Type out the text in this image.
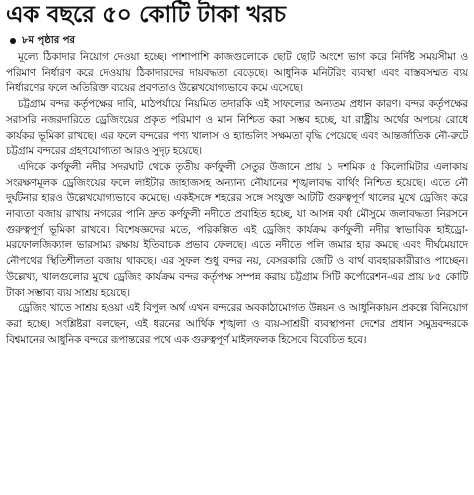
এক বছরে ৫০ কোটি টাকা খরচ
৮ম পৃষ্ঠার পর

মূল্যে ঠিকাদার নিয়োগ দেওয়া হচ্ছে। পাশাপাশি কাজগুলোকে ছোট ছোট অংশে ভাগ করে নির্দিষ্ট সময়সীমা ও পরিমাণ নির্ধারণ করে দেওয়ায় ঠিকাদারদের দায়বদ্ধতা বেড়েছে। আধুনিক মনিটরিং ব্যবস্থা এবং বাস্তবসম্মত ব্যয় নির্ধারণের ফলে অতিরিক্ত ব্যয়ের প্রবণতাও উল্লেখযোগ্যভাবে কমে এসেছে।

চট্টগ্রাম বন্দর কর্তৃপক্ষের দাবি, মাঠপর্যায়ে নিয়মিত তদারকি এই সাফল্যের অন্যতম প্রধান কারণ। বন্দর কর্তৃপক্ষের সরাসরি নজরদারিতে ড্রেজিংয়ের প্রকৃত পরিমাণ ও মান নিশ্চিত করা সম্ভব হচ্ছে, যা রাষ্ট্রীয় অর্থের অপচয় রোধে কার্যকর ভূমিকা রাখছে। এর ফলে বন্দরের পণ্য খালাস ও হ্যান্ডলিং সক্ষমতা বৃদ্ধি পেয়েছে এবং আন্তর্জাতিক নৌ-রুটে চট্টগ্রাম বন্দরের গ্রহণযোগ্যতা আরও সুদৃঢ় হয়েছে।

এদিকে কর্ণফুলী নদীর সদরঘাট থেকে তৃতীয় কর্ণফুলী সেতুর উজানে প্রায় ১ দশমিক ৫ কিলোমিটার এলাকায় সংরক্ষণমূলক ড্রেজিংয়ের ফলে লাইটার জাহাজসহ অন্যান্য নৌযানের শৃঙ্খলাবদ্ধ বার্থিং নিশ্চিত হয়েছে। এতে নৌ দুর্ঘটনার হারও উল্লেখযোগ্যভাবে কমেছে। একইসঙ্গে শহরের সঙ্গে সংযুক্ত আটটি গুরুত্বপূর্ণ খালের মুখে ড্রেজিং করে নাব্যতা বজায় রাখায় নগরের পানি দ্রুত কর্ণফুলী নদীতে প্রবাহিত হচ্ছে, যা আসন্ন বর্ষা মৌসুমে জলাবদ্ধতা নিরসনে গুরুত্বপূর্ণ ভূমিকা রাখবে। বিশেষজ্ঞদের মতে, পরিকল্পিত এই ড্রেজিং কার্যক্রম কর্ণফুলী নদীর স্বাভাবিক হাইড্রো-মরফোলজিক্যাল ভারসাম্য রক্ষায় ইতিবাচক প্রভাব ফেলছে। এতে নদীতে পলি জমার হার কমছে এবং দীর্ঘমেয়াদে নৌপথের স্থিতিশীলতা বজায় থাকছে। এর সুফল শুধু বন্দর নয়, বেসরকারি জেটি ও বার্থ ব্যবহারকারীরাও পাচ্ছেন। উল্লেখ্য, খালগুলোর মুখে ড্রেজিং কার্যক্রম বন্দর কর্তৃপক্ষ সম্পন্ন করায় চট্টগ্রাম সিটি কর্পোরেশন-এর প্রায় ৮৫ কোটি টাকা সম্ভাব্য ব্যয় সাশ্রয় হয়েছে।

ড্রেজিং খাতে সাশ্রয় হওয়া এই বিপুল অর্থ এখন বন্দরের অবকাঠামোগত উন্নয়ন ও আধুনিকায়ন প্রকল্পে বিনিয়োগ করা হচ্ছে। সংশ্লিষ্টরা বলছেন, এই ধরনের আর্থিক শৃঙ্খলা ও ব্যয়-সাশ্রয়ী ব্যবস্থাপনা দেশের প্রধান সমুদ্রবন্দরকে বিশ্বমানের আধুনিক বন্দরে রূপান্তরের পথে এক গুরুত্বপূর্ণ মাইলফলক হিসেবে বিবেচিত হবে।
